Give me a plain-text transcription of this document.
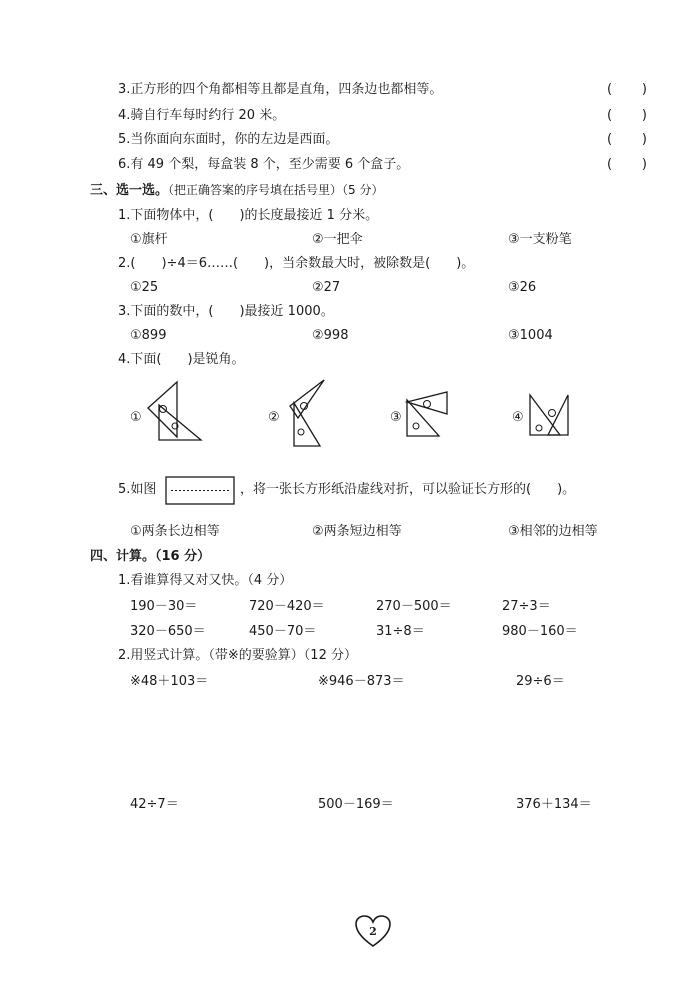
3.正方形的四个角都相等且都是直角，四条边也都相等。	( )
4.骑自行车每时约行 20 米。	( )
5.当你面向东面时，你的左边是西面。	( )
6.有 49 个梨，每盒装 8 个，至少需要 6 个盒子。	( )
三、选一选。（把正确答案的序号填在括号里）（5 分）
1.下面物体中，(　　)的长度最接近 1 分米。
①旗杆	②一把伞	③一支粉笔
2.(　　)÷4＝6……(　　)，当余数最大时，被除数是(　　)。
①25	②27	③26
3.下面的数中，(　　)最接近 1000。
①899	②998	③1004
4.下面(　　)是锐角。
①	②	③	④
5.如图	，将一张长方形纸沿虚线对折，可以验证长方形的(　　)。
①两条长边相等	②两条短边相等	③相邻的边相等
四、计算。（16 分）
1.看谁算得又对又快。（4 分）
190－30＝	720－420＝	270－500＝	27÷3＝
320－650＝	450－70＝	31÷8＝	980－160＝
2.用竖式计算。（带※的要验算）（12 分）
※48＋103＝	※946－873＝	29÷6＝
42÷7＝	500－169＝	376＋134＝
2
